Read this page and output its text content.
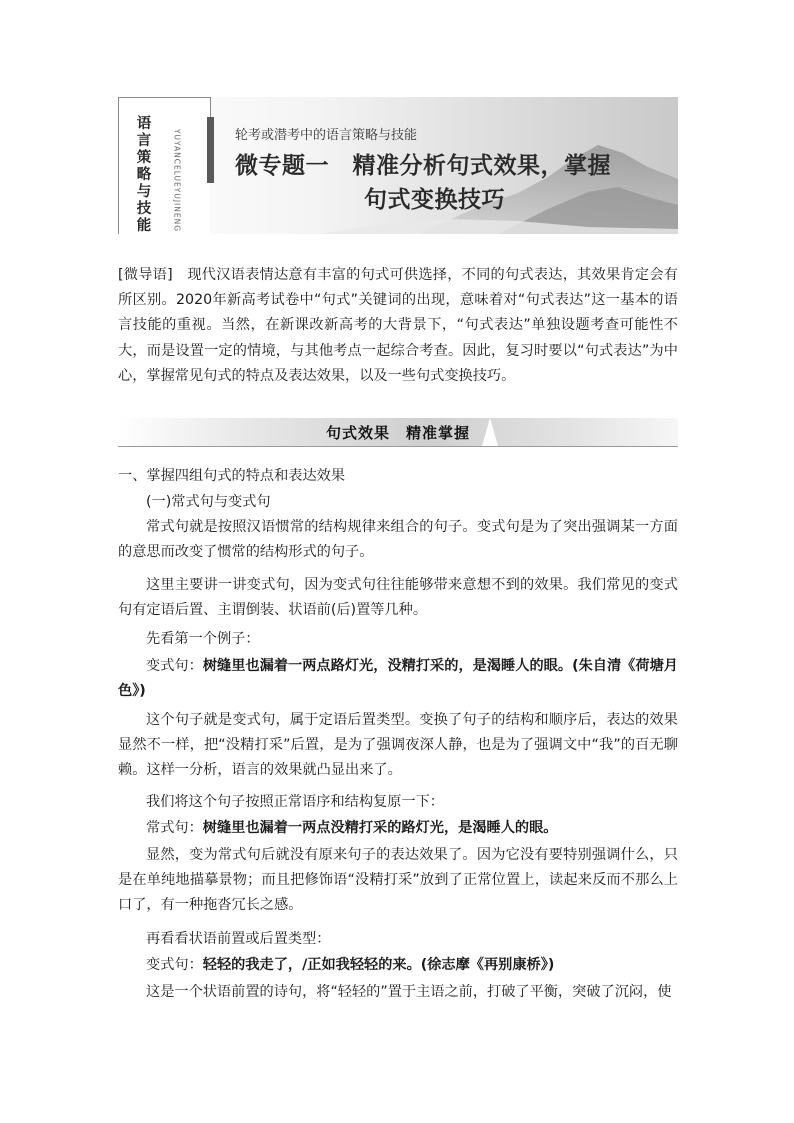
语言策略与技能	YUYANCELUEYUJINENG	轮考或潜考中的语言策略与技能
微专题一　精准分析句式效果，掌握
句式变换技巧
[微导语]　现代汉语表情达意有丰富的句式可供选择，不同的句式表达，其效果肯定会有所区别。2020年新高考试卷中“句式”关键词的出现，意味着对“句式表达”这一基本的语言技能的重视。当然，在新课改新高考的大背景下，“句式表达”单独设题考查可能性不大，而是设置一定的情境，与其他考点一起综合考查。因此，复习时要以“句式表达”为中心，掌握常见句式的特点及表达效果，以及一些句式变换技巧。
句式效果　精准掌握
一、掌握四组句式的特点和表达效果
(一)常式句与变式句
常式句就是按照汉语惯常的结构规律来组合的句子。变式句是为了突出强调某一方面的意思而改变了惯常的结构形式的句子。
这里主要讲一讲变式句，因为变式句往往能够带来意想不到的效果。我们常见的变式句有定语后置、主谓倒装、状语前(后)置等几种。
先看第一个例子：
变式句：树缝里也漏着一两点路灯光，没精打采的，是渴睡人的眼。(朱自清《荷塘月色》)
这个句子就是变式句，属于定语后置类型。变换了句子的结构和顺序后，表达的效果显然不一样，把“没精打采”后置，是为了强调夜深人静，也是为了强调文中“我”的百无聊赖。这样一分析，语言的效果就凸显出来了。
我们将这个句子按照正常语序和结构复原一下：
常式句：树缝里也漏着一两点没精打采的路灯光，是渴睡人的眼。
显然，变为常式句后就没有原来句子的表达效果了。因为它没有要特别强调什么，只是在单纯地描摹景物；而且把修饰语“没精打采”放到了正常位置上，读起来反而不那么上口了，有一种拖沓冗长之感。
再看看状语前置或后置类型：
变式句：轻轻的我走了，/正如我轻轻的来。(徐志摩《再别康桥》)
这是一个状语前置的诗句，将“轻轻的”置于主语之前，打破了平衡，突破了沉闷，使
